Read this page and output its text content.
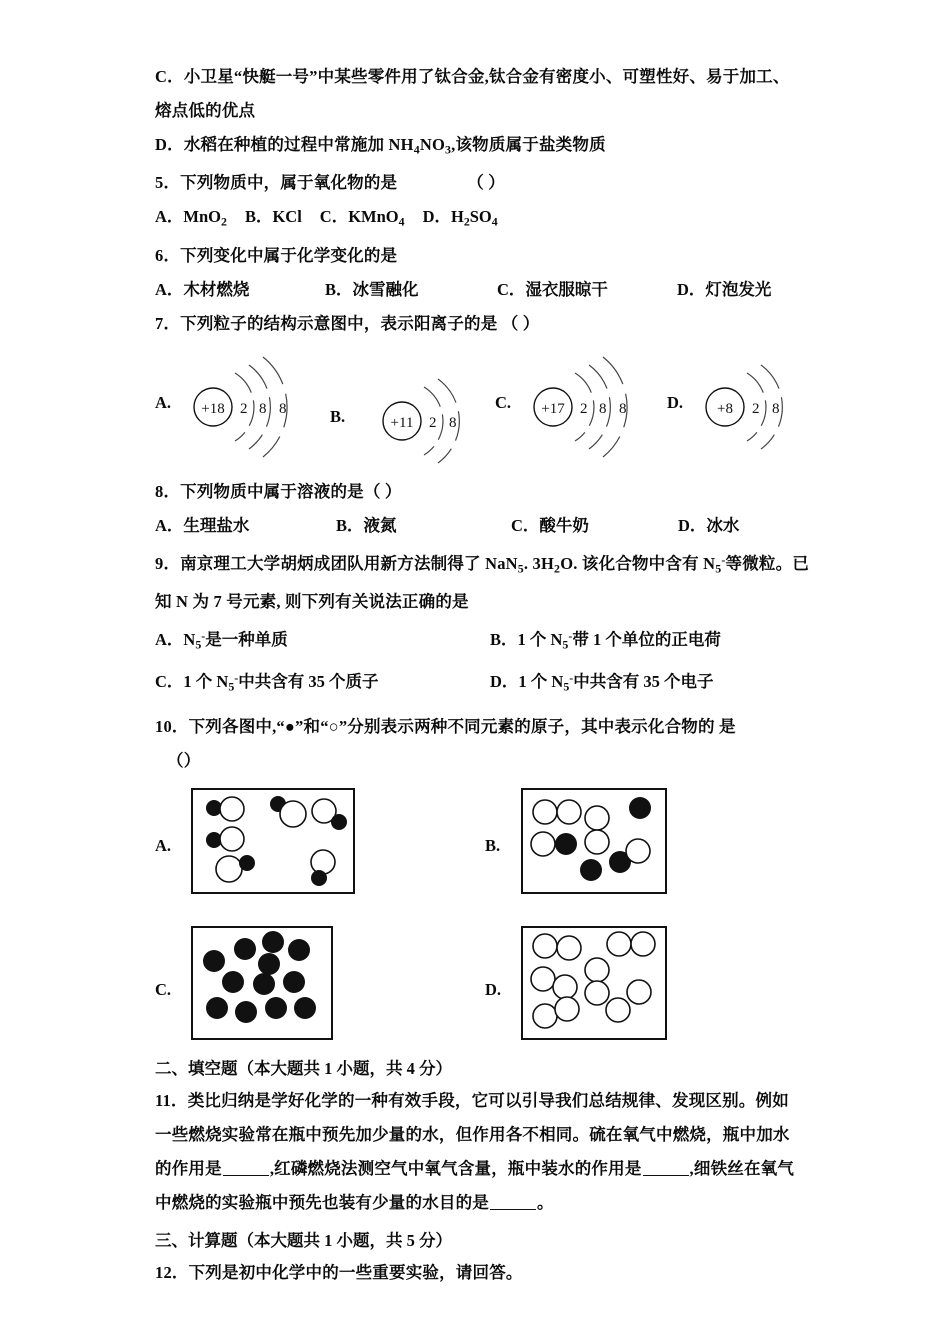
C．小卫星“快艇一号”中某些零件用了钛合金,钛合金有密度小、可塑性好、易于加工、
熔点低的优点
D．水稻在种植的过程中常施加 $NH_4NO_3$,该物质属于盐类物质
5．下列物质中，属于氧化物的是	（ ）
A．MnO$_2$ B．KCl C．KMnO$_4$ D．$H_2SO_4$
6．下列变化中属于化学变化的是
A．木材燃烧	B．冰雪融化	C．湿衣服晾干	D．灯泡发光
7．下列粒子的结构示意图中，表示阳离子的是 （ ）
A. +18 2 8 8	B.	+11 2 8
C. +17 2 8 8 D. +8 2 8
8．下列物质中属于溶液的是（ ）
A．生理盐水	B．液氮	C．酸牛奶	D．冰水
9．南京理工大学胡炳成团队用新方法制得了 NaN$_5$. $3H_2O$. 该化合物中含有 $N_5^-$等微粒。已
知 N 为 7 号元素, 则下列有关说法正确的是
A．$N_5^-$是一种单质	B．1 个 $N_5^-$带 1 个单位的正电荷
C．1 个 $N_5^-$中共含有 35 个质子	D．1 个 $N_5^-$中共含有 35 个电子
10．下列各图中,“●”和“○”分别表示两种不同元素的原子，其中表示化合物的 是
（）
A.	B.
C.	D.
二、填空题（本大题共 1 小题，共 4 分）
11．类比归纳是学好化学的一种有效手段，它可以引导我们总结规律、发现区别。例如
一些燃烧实验常在瓶中预先加少量的水，但作用各不相同。硫在氧气中燃烧，瓶中加水
的作用是	,红磷燃烧法测空气中氧气含量，瓶中装水的作用是	,细铁丝在氧气
中燃烧的实验瓶中预先也装有少量的水目的是	。
三、计算题（本大题共 1 小题，共 5 分）
12．下列是初中化学中的一些重要实验，请回答。
